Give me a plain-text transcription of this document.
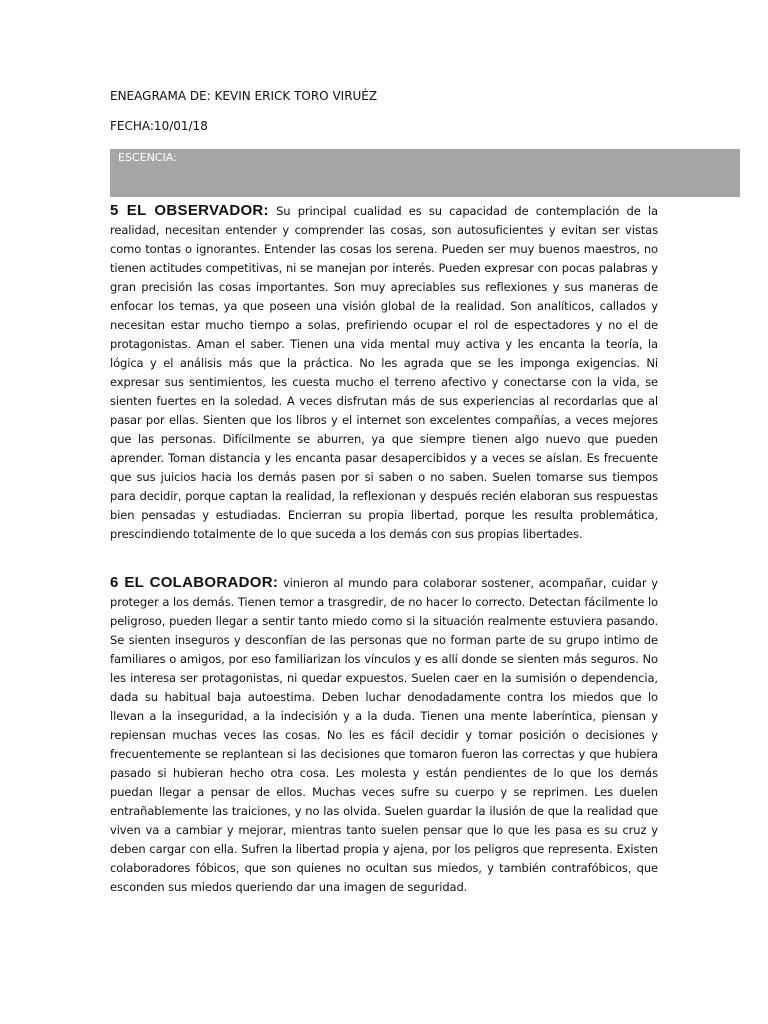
ENEAGRAMA DE: KEVIN ERICK TORO VIRUÉZ
FECHA:10/01/18
ESCENCIA:
5 EL OBSERVADOR: Su principal cualidad es su capacidad de contemplación de la realidad, necesitan entender y comprender las cosas, son autosuficientes y evitan ser vistas como tontas o ignorantes. Entender las cosas los serena. Pueden ser muy buenos maestros, no tienen actitudes competitivas, ni se manejan por interés. Pueden expresar con pocas palabras y gran precisión las cosas importantes. Son muy apreciables sus reflexiones y sus maneras de enfocar los temas, ya que poseen una visión global de la realidad. Son analíticos, callados y necesitan estar mucho tiempo a solas, prefiriendo ocupar el rol de espectadores y no el de protagonistas. Aman el saber. Tienen una vida mental muy activa y les encanta la teoría, la lógica y el análisis más que la práctica. No les agrada que se les imponga exigencias. Ni expresar sus sentimientos, les cuesta mucho el terreno afectivo y conectarse con la vida, se sienten fuertes en la soledad. A veces disfrutan más de sus experiencias al recordarlas que al pasar por ellas. Sienten que los libros y el internet son excelentes compañías, a veces mejores que las personas. Difícilmente se aburren, ya que siempre tienen algo nuevo que pueden aprender. Toman distancia y les encanta pasar desapercibidos y a veces se aíslan. Es frecuente que sus juicios hacia los demás pasen por si saben o no saben. Suelen tomarse sus tiempos para decidir, porque captan la realidad, la reflexionan y después recién elaboran sus respuestas bien pensadas y estudiadas. Encierran su propia libertad, porque les resulta problemática, prescindiendo totalmente de lo que suceda a los demás con sus propias libertades.
6 EL COLABORADOR: vinieron al mundo para colaborar sostener, acompañar, cuidar y proteger a los demás. Tienen temor a trasgredir, de no hacer lo correcto. Detectan fácilmente lo peligroso, pueden llegar a sentir tanto miedo como si la situación realmente estuviera pasando. Se sienten inseguros y desconfían de las personas que no forman parte de su grupo intimo de familiares o amigos, por eso familiarizan los vínculos y es allí donde se sienten más seguros. No les interesa ser protagonistas, ni quedar expuestos. Suelen caer en la sumisión o dependencia, dada su habitual baja autoestima. Deben luchar denodadamente contra los miedos que lo llevan a la inseguridad, a la indecisión y a la duda. Tienen una mente laberíntica, piensan y repiensan muchas veces las cosas. No les es fácil decidir y tomar posición o decisiones y frecuentemente se replantean si las decisiones que tomaron fueron las correctas y que hubiera pasado si hubieran hecho otra cosa. Les molesta y están pendientes de lo que los demás puedan llegar a pensar de ellos. Muchas veces sufre su cuerpo y se reprimen. Les duelen entrañablemente las traiciones, y no las olvida. Suelen guardar la ilusión de que la realidad que viven va a cambiar y mejorar, mientras tanto suelen pensar que lo que les pasa es su cruz y deben cargar con ella. Sufren la libertad propia y ajena, por los peligros que representa. Existen colaboradores fóbicos, que son quienes no ocultan sus miedos, y también contrafóbicos, que esconden sus miedos queriendo dar una imagen de seguridad.
